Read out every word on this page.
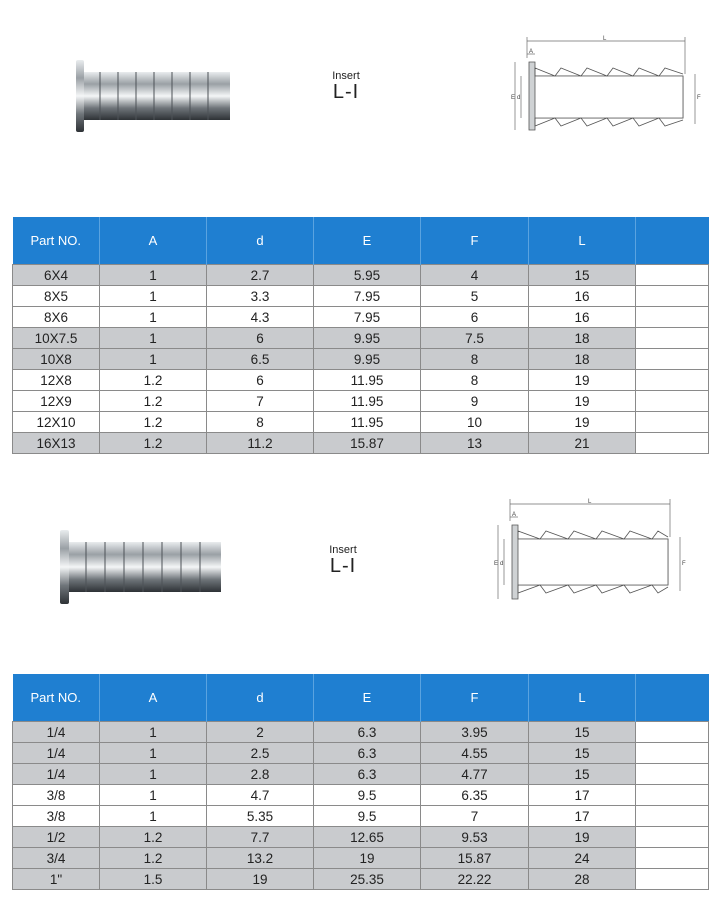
Insert
L-I
L
A
E d	F
Part NO.	A	d	E	F	L	
6X4	1	2.7	5.95	4	15	
8X5	1	3.3	7.95	5	16	
8X6	1	4.3	7.95	6	16	
10X7.5	1	6	9.95	7.5	18	
10X8	1	6.5	9.95	8	18	
12X8	1.2	6	11.95	8	19	
12X9	1.2	7	11.95	9	19	
12X10	1.2	8	11.95	10	19	
16X13	1.2	11.2	15.87	13	21	
Insert
L-I
L
A
E d	F
Part NO.	A	d	E	F	L	
1/4	1	2	6.3	3.95	15	
1/4	1	2.5	6.3	4.55	15	
1/4	1	2.8	6.3	4.77	15	
3/8	1	4.7	9.5	6.35	17	
3/8	1	5.35	9.5	7	17	
1/2	1.2	7.7	12.65	9.53	19	
3/4	1.2	13.2	19	15.87	24	
1"	1.5	19	25.35	22.22	28	
